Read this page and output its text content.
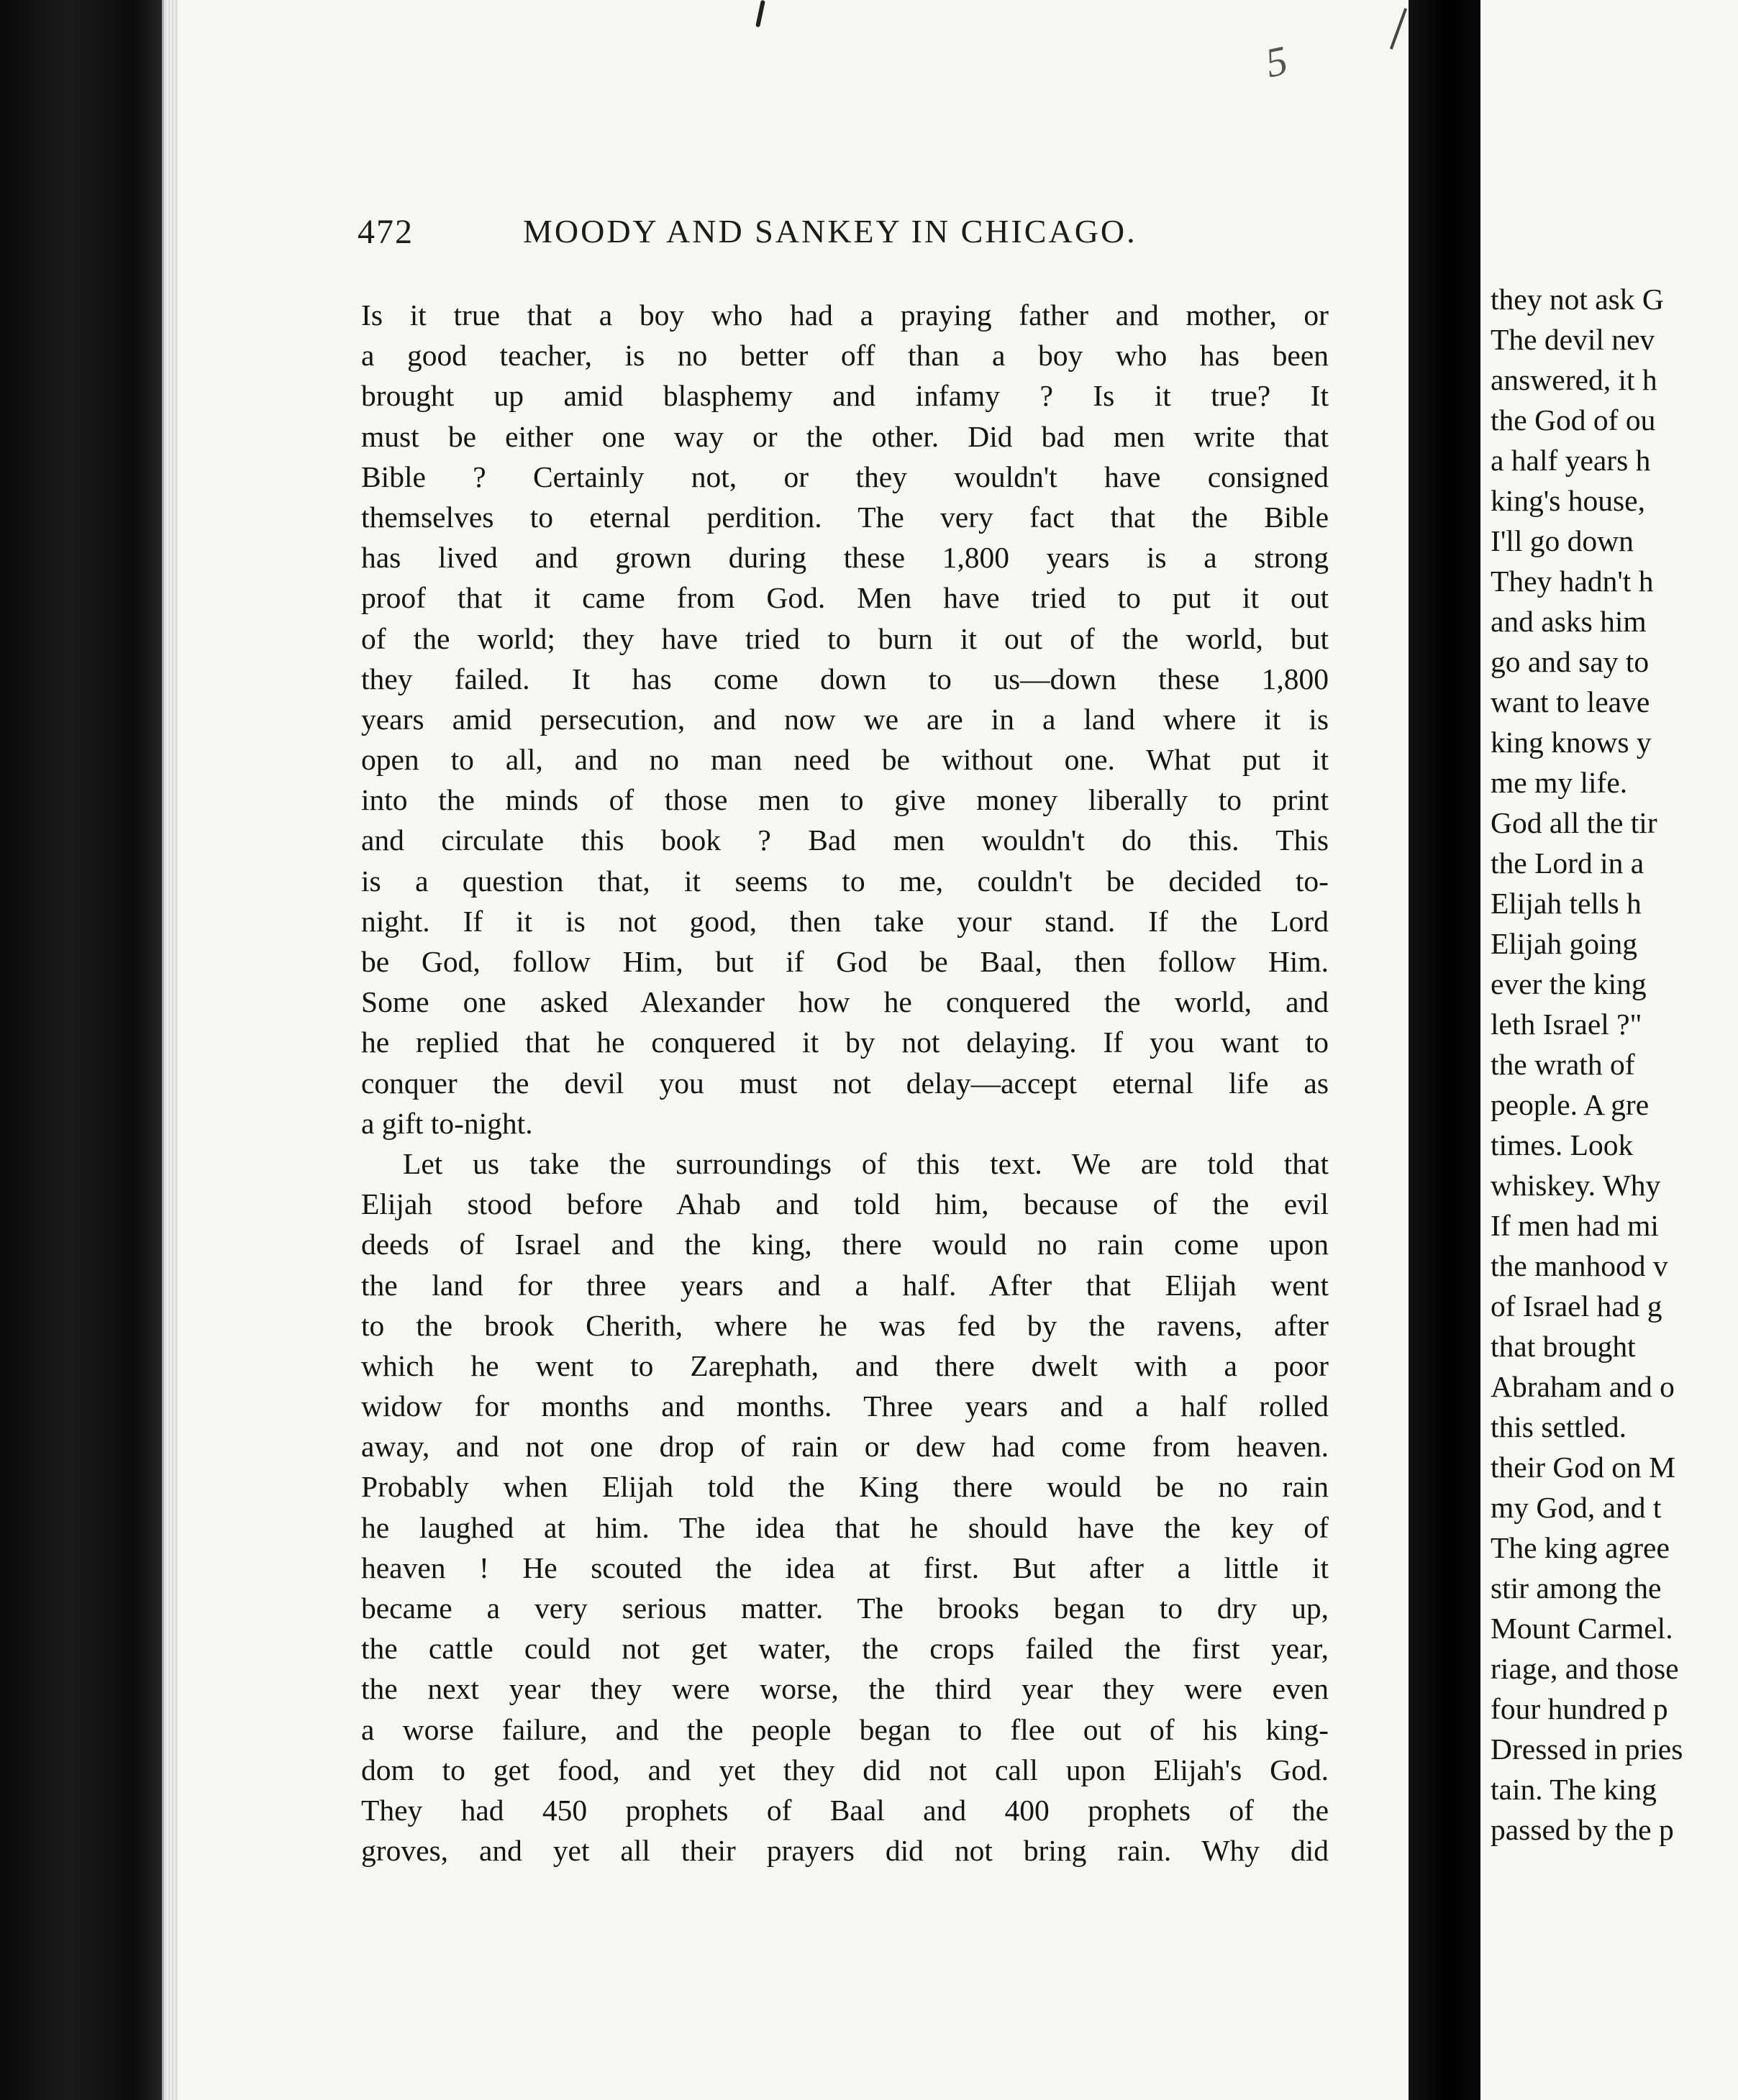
5
472	MOODY AND SANKEY IN CHICAGO.
Is it true that a boy who had a praying father and mother, or
a good teacher, is no better off than a boy who has been
brought up amid blasphemy and infamy ? Is it true? It
must be either one way or the other. Did bad men write that
Bible ? Certainly not, or they wouldn't have consigned
themselves to eternal perdition. The very fact that the Bible
has lived and grown during these 1,800 years is a strong
proof that it came from God. Men have tried to put it out
of the world; they have tried to burn it out of the world, but
they failed. It has come down to us—down these 1,800
years amid persecution, and now we are in a land where it is
open to all, and no man need be without one. What put it
into the minds of those men to give money liberally to print
and circulate this book ? Bad men wouldn't do this. This
is a question that, it seems to me, couldn't be decided to-
night. If it is not good, then take your stand. If the Lord
be God, follow Him, but if God be Baal, then follow Him.
Some one asked Alexander how he conquered the world, and
he replied that he conquered it by not delaying. If you want to
conquer the devil you must not delay—accept eternal life as
a gift to-night.
Let us take the surroundings of this text. We are told that
Elijah stood before Ahab and told him, because of the evil
deeds of Israel and the king, there would no rain come upon
the land for three years and a half. After that Elijah went
to the brook Cherith, where he was fed by the ravens, after
which he went to Zarephath, and there dwelt with a poor
widow for months and months. Three years and a half rolled
away, and not one drop of rain or dew had come from heaven.
Probably when Elijah told the King there would be no rain
he laughed at him. The idea that he should have the key of
heaven ! He scouted the idea at first. But after a little it
became a very serious matter. The brooks began to dry up,
the cattle could not get water, the crops failed the first year,
the next year they were worse, the third year they were even
a worse failure, and the people began to flee out of his king-
dom to get food, and yet they did not call upon Elijah's God.
They had 450 prophets of Baal and 400 prophets of the
groves, and yet all their prayers did not bring rain. Why did
they not ask G
The devil nev
answered, it h
the God of ou
a half years h
king's house,
I'll go down
They hadn't h
and asks him
go and say to
want to leave
king knows y
me my life.
God all the tir
the Lord in a
Elijah tells h
Elijah going
ever the king
leth Israel ?"
the wrath of
people. A gre
times. Look
whiskey. Why
If men had mi
the manhood v
of Israel had g
that brought
Abraham and o
this settled.
their God on M
my God, and t
The king agree
stir among the
Mount Carmel.
riage, and those
four hundred p
Dressed in pries
tain. The king
passed by the p
